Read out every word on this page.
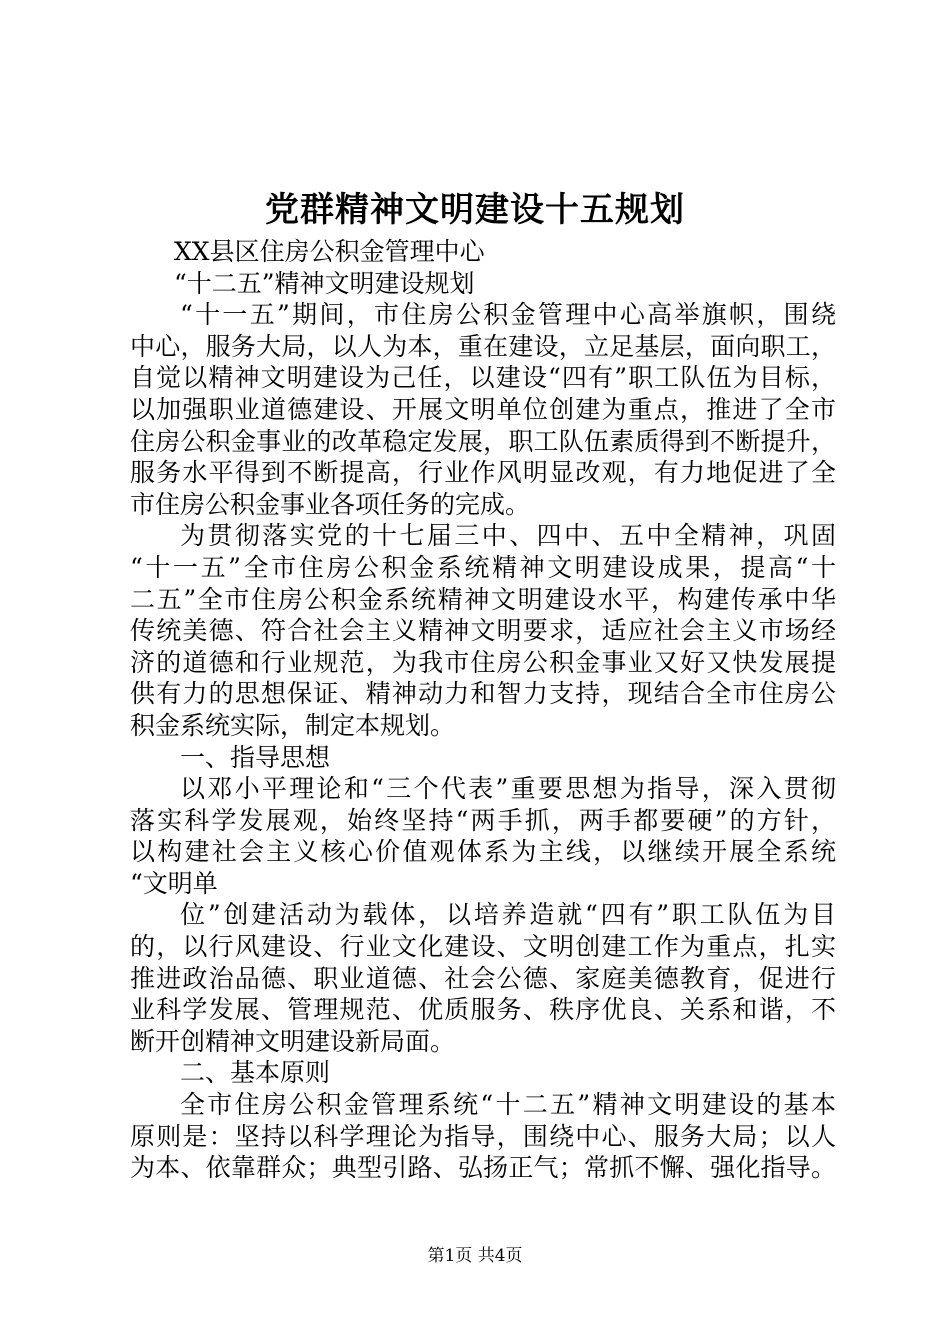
党群精神文明建设十五规划
XX县区住房公积金管理中心
“十二五”精神文明建设规划
“十一五”期间，市住房公积金管理中心高举旗帜，围绕
中心，服务大局，以人为本，重在建设，立足基层，面向职工，
自觉以精神文明建设为己任，以建设“四有”职工队伍为目标，
以加强职业道德建设、开展文明单位创建为重点，推进了全市
住房公积金事业的改革稳定发展，职工队伍素质得到不断提升，
服务水平得到不断提高，行业作风明显改观，有力地促进了全
市住房公积金事业各项任务的完成。
为贯彻落实党的十七届三中、四中、五中全精神，巩固
“十一五”全市住房公积金系统精神文明建设成果，提高“十
二五”全市住房公积金系统精神文明建设水平，构建传承中华
传统美德、符合社会主义精神文明要求，适应社会主义市场经
济的道德和行业规范，为我市住房公积金事业又好又快发展提
供有力的思想保证、精神动力和智力支持，现结合全市住房公
积金系统实际，制定本规划。
一、指导思想
以邓小平理论和“三个代表”重要思想为指导，深入贯彻
落实科学发展观，始终坚持“两手抓，两手都要硬”的方针，
以构建社会主义核心价值观体系为主线，以继续开展全系统
“文明单
位”创建活动为载体，以培养造就“四有”职工队伍为目
的，以行风建设、行业文化建设、文明创建工作为重点，扎实
推进政治品德、职业道德、社会公德、家庭美德教育，促进行
业科学发展、管理规范、优质服务、秩序优良、关系和谐，不
断开创精神文明建设新局面。
二、基本原则
全市住房公积金管理系统“十二五”精神文明建设的基本
原则是：坚持以科学理论为指导，围绕中心、服务大局；以人
为本、依靠群众；典型引路、弘扬正气；常抓不懈、强化指导。
第1页 共4页
